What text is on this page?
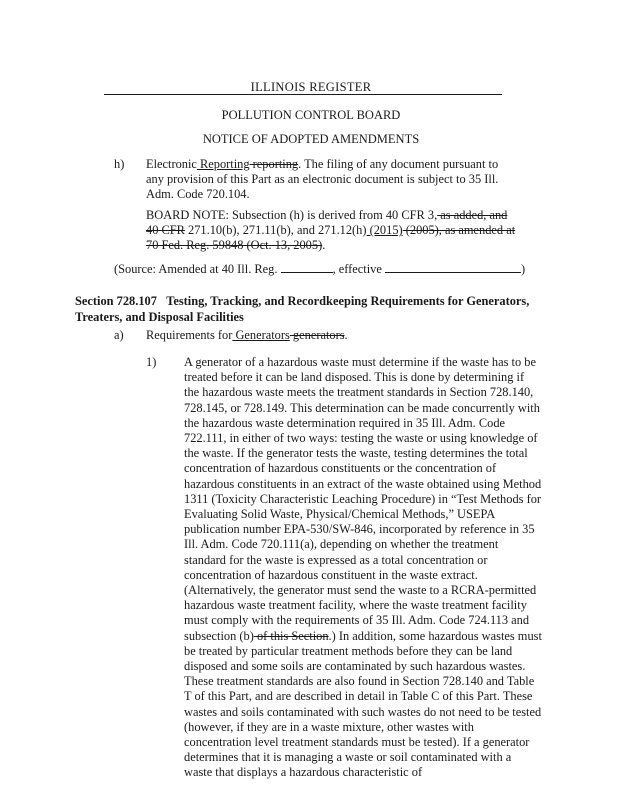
ILLINOIS REGISTER
POLLUTION CONTROL BOARD
NOTICE OF ADOPTED AMENDMENTS
h) Electronic Reporting reporting. The filing of any document pursuant to any provision of this Part as an electronic document is subject to 35 Ill. Adm. Code 720.104.
BOARD NOTE: Subsection (h) is derived from 40 CFR 3, as added, and 40 CFR 271.10(b), 271.11(b), and 271.12(h) (2015) (2005), as amended at 70 Fed. Reg. 59848 (Oct. 13, 2005).
(Source: Amended at 40 Ill. Reg.	, effective	)
Section 728.107 Testing, Tracking, and Recordkeeping Requirements for Generators, Treaters, and Disposal Facilities
a) Requirements for Generators generators.
1) A generator of a hazardous waste must determine if the waste has to be treated before it can be land disposed. This is done by determining if the hazardous waste meets the treatment standards in Section 728.140, 728.145, or 728.149. This determination can be made concurrently with the hazardous waste determination required in 35 Ill. Adm. Code 722.111, in either of two ways: testing the waste or using knowledge of the waste. If the generator tests the waste, testing determines the total concentration of hazardous constituents or the concentration of hazardous constituents in an extract of the waste obtained using Method 1311 (Toxicity Characteristic Leaching Procedure) in “Test Methods for Evaluating Solid Waste, Physical/Chemical Methods,” USEPA publication number EPA-530/SW-846, incorporated by reference in 35 Ill. Adm. Code 720.111(a), depending on whether the treatment standard for the waste is expressed as a total concentration or concentration of hazardous constituent in the waste extract. (Alternatively, the generator must send the waste to a RCRA-permitted hazardous waste treatment facility, where the waste treatment facility must comply with the requirements of 35 Ill. Adm. Code 724.113 and subsection (b) of this Section.) In addition, some hazardous wastes must be treated by particular treatment methods before they can be land disposed and some soils are contaminated by such hazardous wastes. These treatment standards are also found in Section 728.140 and Table T of this Part, and are described in detail in Table C of this Part. These wastes and soils contaminated with such wastes do not need to be tested (however, if they are in a waste mixture, other wastes with concentration level treatment standards must be tested). If a generator determines that it is managing a waste or soil contaminated with a waste that displays a hazardous characteristic of
